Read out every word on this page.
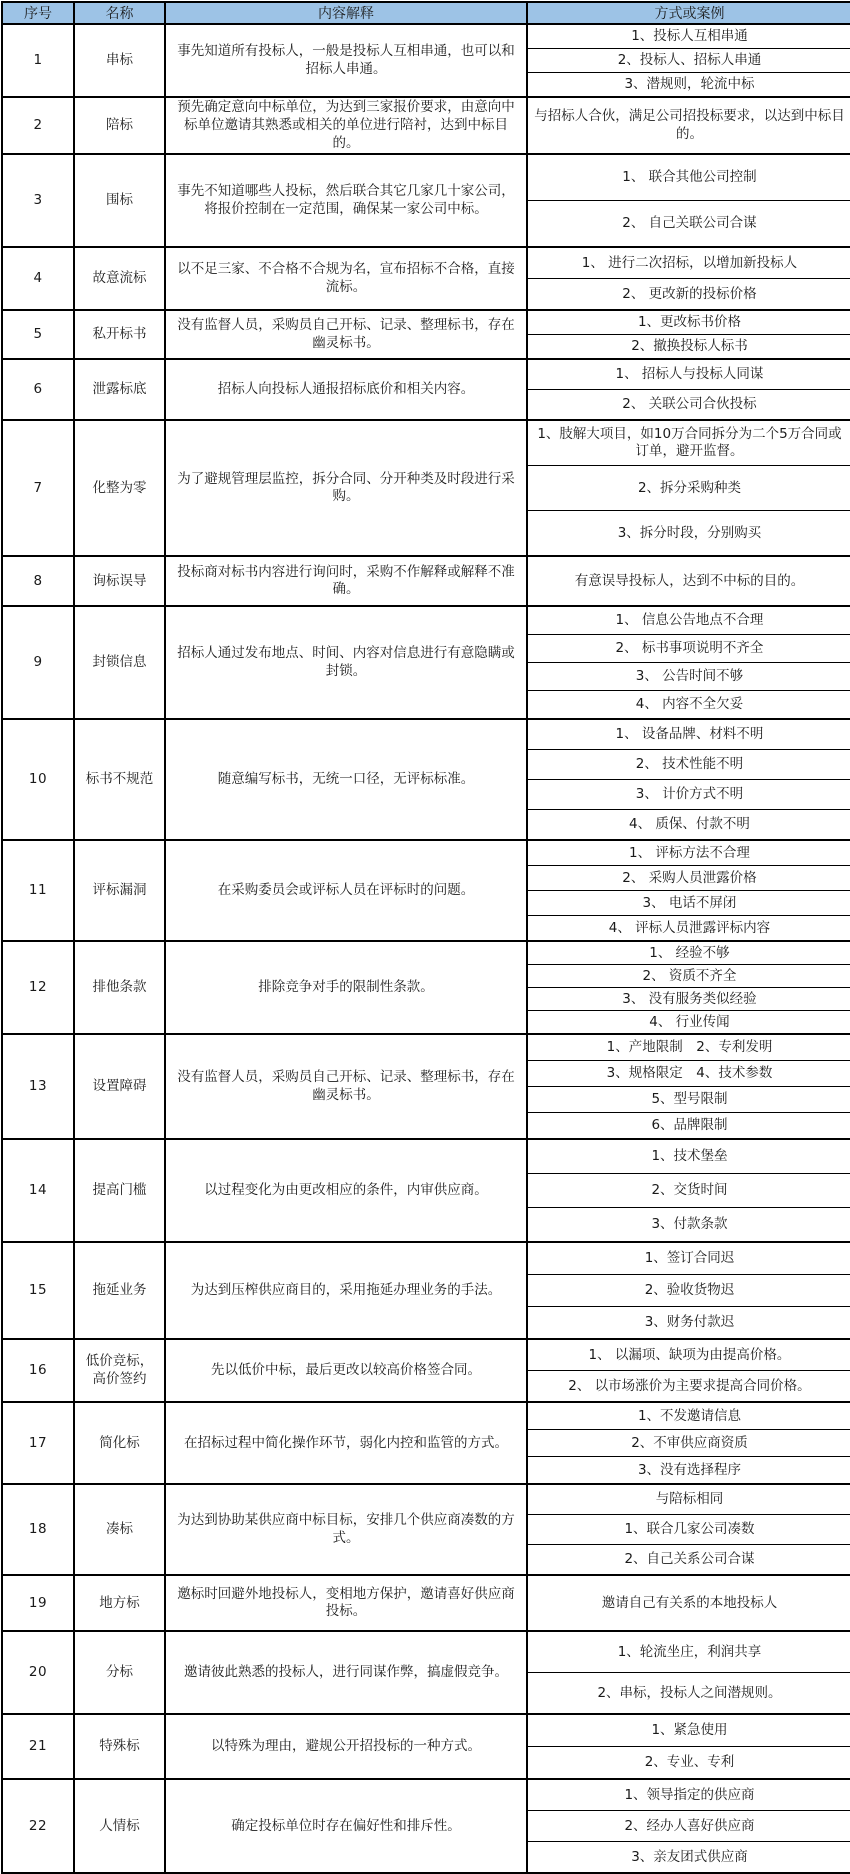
序号	名称	内容解释	方式或案例
1	串标	事先知道所有投标人，一般是投标人互相串通，也可以和招标人串通。	1、投标人互相串通
			2、投标人、招标人串通
			3、潜规则，轮流中标
2	陪标	预先确定意向中标单位，为达到三家报价要求，由意向中标单位邀请其熟悉或相关的单位进行陪衬，达到中标目的。	与招标人合伙，满足公司招投标要求，以达到中标目的。
3	围标	事先不知道哪些人投标，然后联合其它几家几十家公司，将报价控制在一定范围，确保某一家公司中标。	1、 联合其他公司控制
			2、 自己关联公司合谋
4	故意流标	以不足三家、不合格不合规为名，宣布招标不合格，直接流标。	1、 进行二次招标，以增加新投标人
			2、 更改新的投标价格
5	私开标书	没有监督人员，采购员自己开标、记录、整理标书，存在幽灵标书。	1、更改标书价格
			2、撤换投标人标书
6	泄露标底	招标人向投标人通报招标底价和相关内容。	1、 招标人与投标人同谋
			2、 关联公司合伙投标
7	化整为零	为了避规管理层监控，拆分合同、分开种类及时段进行采购。	1、肢解大项目，如10万合同拆分为二个5万合同或订单，避开监督。
			2、拆分采购种类
			3、拆分时段，分别购买
8	询标误导	投标商对标书内容进行询问时，采购不作解释或解释不准确。	有意误导投标人，达到不中标的目的。
9	封锁信息	招标人通过发布地点、时间、内容对信息进行有意隐瞒或封锁。	1、 信息公告地点不合理
			2、 标书事项说明不齐全
			3、 公告时间不够
			4、 内容不全欠妥
10	标书不规范	随意编写标书，无统一口径，无评标标准。	1、 设备品牌、材料不明
			2、 技术性能不明
			3、 计价方式不明
			4、 质保、付款不明
11	评标漏洞	在采购委员会或评标人员在评标时的问题。	1、 评标方法不合理
			2、 采购人员泄露价格
			3、 电话不屏闭
			4、 评标人员泄露评标内容
12	排他条款	排除竞争对手的限制性条款。	1、 经验不够
			2、 资质不齐全
			3、 没有服务类似经验
			4、 行业传闻
13	设置障碍	没有监督人员，采购员自己开标、记录、整理标书，存在幽灵标书。	1、产地限制　2、专利发明
			3、规格限定　4、技术参数
			5、型号限制
			6、品牌限制
14	提高门槛	以过程变化为由更改相应的条件，内审供应商。	1、技术堡垒
			2、交货时间
			3、付款条款
15	拖延业务	为达到压榨供应商目的，采用拖延办理业务的手法。	1、签订合同迟
			2、验收货物迟
			3、财务付款迟
16	低价竞标，高价签约	先以低价中标，最后更改以较高价格签合同。	1、 以漏项、缺项为由提高价格。
			2、 以市场涨价为主要求提高合同价格。
17	简化标	在招标过程中简化操作环节，弱化内控和监管的方式。	1、不发邀请信息
			2、不审供应商资质
			3、没有选择程序
18	凑标	为达到协助某供应商中标目标，安排几个供应商凑数的方式。	与陪标相同
			1、联合几家公司凑数
			2、自己关系公司合谋
19	地方标	邀标时回避外地投标人，变相地方保护，邀请喜好供应商投标。	邀请自己有关系的本地投标人
20	分标	邀请彼此熟悉的投标人，进行同谋作弊，搞虚假竞争。	1、轮流坐庄，利润共享
			2、串标，投标人之间潜规则。
21	特殊标	以特殊为理由，避规公开招投标的一种方式。	1、紧急使用
			2、专业、专利
22	人情标	确定投标单位时存在偏好性和排斥性。	1、领导指定的供应商
			2、经办人喜好供应商
			3、亲友团式供应商
